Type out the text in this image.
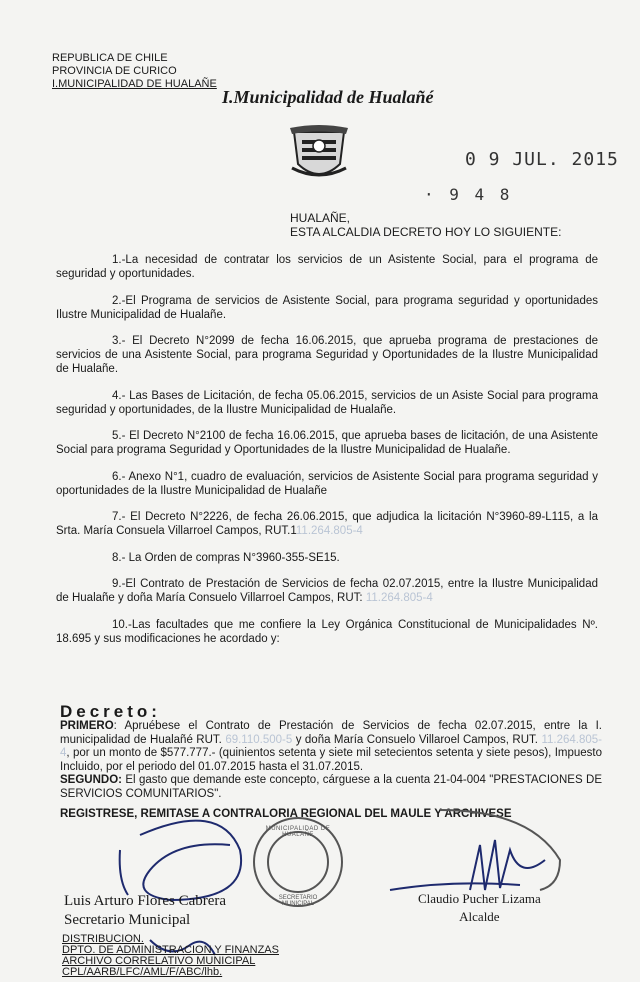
REPUBLICA DE CHILE
PROVINCIA DE CURICO
I.MUNICIPALIDAD DE HUALAÑE
I.Municipalidad de Hualañé
0 9 JUL. 2015
· 9 4 8
HUALAÑE,
ESTA ALCALDIA DECRETO HOY LO SIGUIENTE:

1.-La necesidad de contratar los servicios de un Asistente Social, para el programa de seguridad y oportunidades.

2.-El Programa de servicios de Asistente Social, para programa seguridad y oportunidades Ilustre Municipalidad de Hualañe.

3.- El Decreto N°2099 de fecha 16.06.2015, que aprueba programa de prestaciones de servicios de una Asistente Social, para programa Seguridad y Oportunidades de la Ilustre Municipalidad de Hualañe.

4.- Las Bases de Licitación, de fecha 05.06.2015, servicios de un Asiste Social para programa seguridad y oportunidades, de la Ilustre Municipalidad de Hualañe.

5.- El Decreto N°2100 de fecha 16.06.2015, que aprueba bases de licitación, de una Asistente Social para programa Seguridad y Oportunidades de la Ilustre Municipalidad de Hualañe.

6.- Anexo N°1, cuadro de evaluación, servicios de Asistente Social para programa seguridad y oportunidades de la Ilustre Municipalidad de Hualañe

7.- El Decreto N°2226, de fecha 26.06.2015, que adjudica la licitación N°3960-89-L115, a la Srta. María Consuela Villarroel Campos, RUT.111.264.805-4

8.- La Orden de compras N°3960-355-SE15.

9.-El Contrato de Prestación de Servicios de fecha 02.07.2015, entre la Ilustre Municipalidad de Hualañe y doña María Consuelo Villarroel Campos, RUT: 11.264.805-4

10.-Las facultades que me confiere la Ley Orgánica Constitucional de Municipalidades Nº. 18.695 y sus modificaciones he acordado y:

Decreto:

PRIMERO: Apruébese el Contrato de Prestación de Servicios de fecha 02.07.2015, entre la I. municipalidad de Hualañé RUT. 69.110.500-5 y doña María Consuelo Villaroel Campos, RUT. 11.264.805-4, por un monto de $577.777.- (quinientos setenta y siete mil setecientos setenta y siete pesos), Impuesto Incluido, por el periodo del 01.07.2015 hasta el 31.07.2015.

SEGUNDO: El gasto que demande este concepto, cárguese a la cuenta 21-04-004 "PRESTACIONES DE SERVICIOS COMUNITARIOS".

REGISTRESE, REMITASE A CONTRALORIA REGIONAL DEL MAULE Y ARCHIVESE
MUNICIPALIDAD DE HUALAÑE
SECRETARIO MUNICIPAL
Luis Arturo Flores Cabrera
Secretario Municipal
Claudio Pucher Lizama
Alcalde
DISTRIBUCION.
DPTO. DE ADMINISTRACION Y FINANZAS
ARCHIVO CORRELATIVO MUNICIPAL
CPL/AARB/LFC/AML/F/ABC/lhb.
